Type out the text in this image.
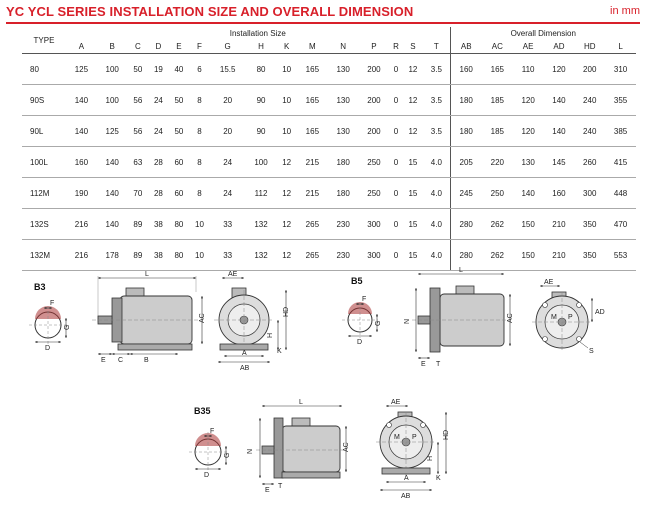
YC YCL SERIES INSTALLATION SIZE AND OVERALL DIMENSION	in mm
TYPE	Installation Size															Overall Dimension					
	A	B	C	D	E	F	G	H	K	M	N	P	R	S	T	AB	AC	AE	AD	HD	L
80	125	100	50	19	40	6	15.5	80	10	165	130	200	0	12	3.5	160	165	110	120	200	310
90S	140	100	56	24	50	8	20	90	10	165	130	200	0	12	3.5	180	185	120	140	240	355
90L	140	125	56	24	50	8	20	90	10	165	130	200	0	12	3.5	180	185	120	140	240	385
100L	160	140	63	28	60	8	24	100	12	215	180	250	0	15	4.0	205	220	130	145	260	415
112M	190	140	70	28	60	8	24	112	12	215	180	250	0	15	4.0	245	250	140	160	300	448
132S	216	140	89	38	80	10	33	132	12	265	230	300	0	15	4.0	280	262	150	210	350	470
132M	216	178	89	38	80	10	33	132	12	265	230	300	0	15	4.0	280	262	150	210	350	553
B3
F
G
D
L
AC
E C	B
AE
HD
H
K
A
AB
B5
F
G
D
L
N	AC
E T
AE
M P
S
AD
B35
F
G
D
L
N	AC
E
T
AE
M P	HD
H
K
A
AB
